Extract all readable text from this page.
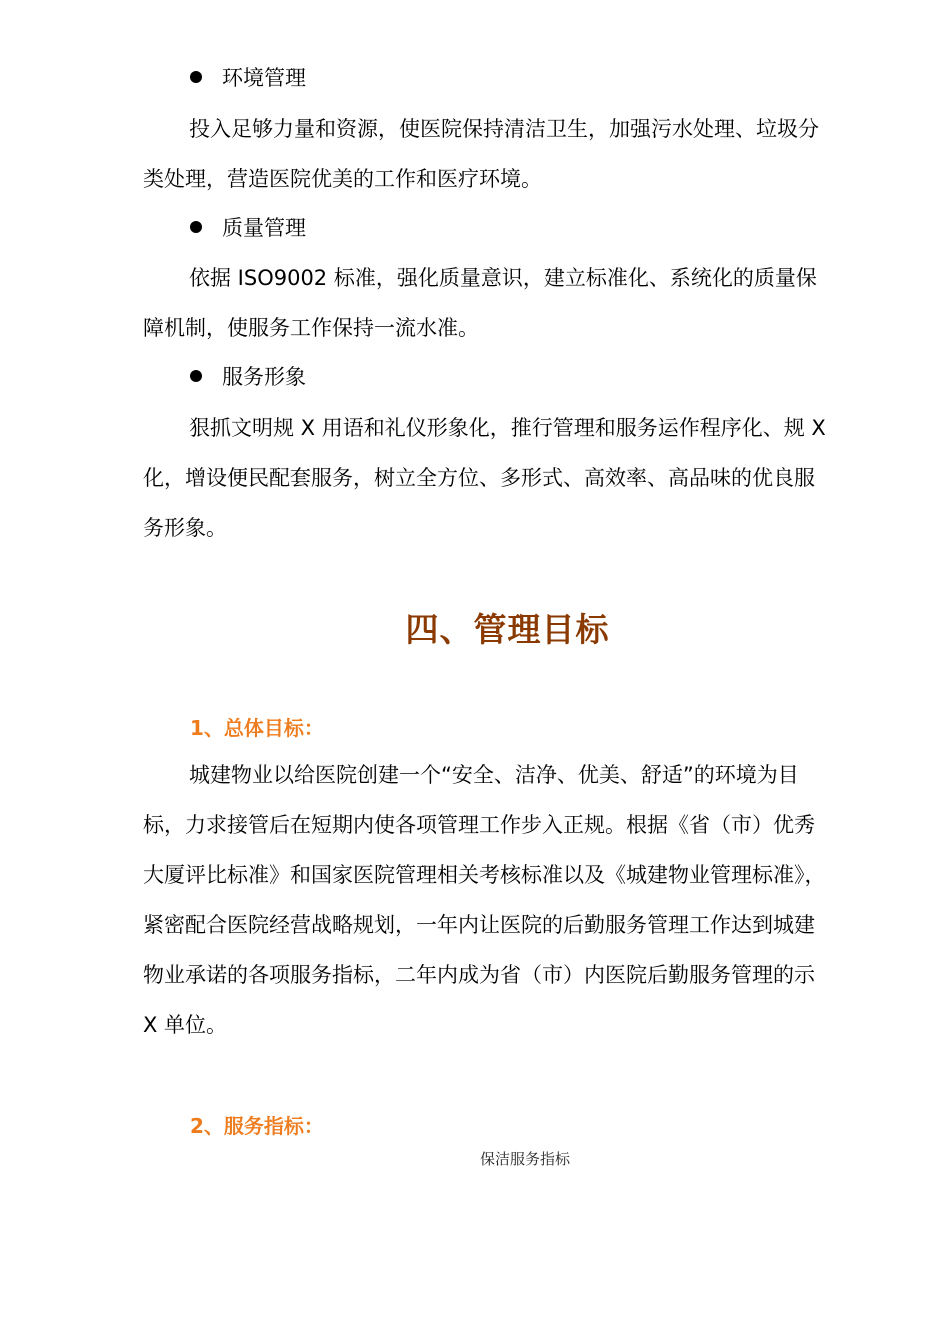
环境管理

投入足够力量和资源，使医院保持清洁卫生，加强污水处理、垃圾分

类处理，营造医院优美的工作和医疗环境。

质量管理

依据 ISO9002 标准，强化质量意识，建立标准化、系统化的质量保

障机制，使服务工作保持一流水准。

服务形象

狠抓文明规 X 用语和礼仪形象化，推行管理和服务运作程序化、规 X

化，增设便民配套服务，树立全方位、多形式、高效率、高品味的优良服

务形象。

四、管理目标
1、总体目标：

城建物业以给医院创建一个“安全、洁净、优美、舒适”的环境为目

标，力求接管后在短期内使各项管理工作步入正规。根据《省（市）优秀

大厦评比标准》和国家医院管理相关考核标准以及《城建物业管理标准》，

紧密配合医院经营战略规划，一年内让医院的后勤服务管理工作达到城建

物业承诺的各项服务指标，二年内成为省（市）内医院后勤服务管理的示

X 单位。

2、服务指标：
保洁服务指标
